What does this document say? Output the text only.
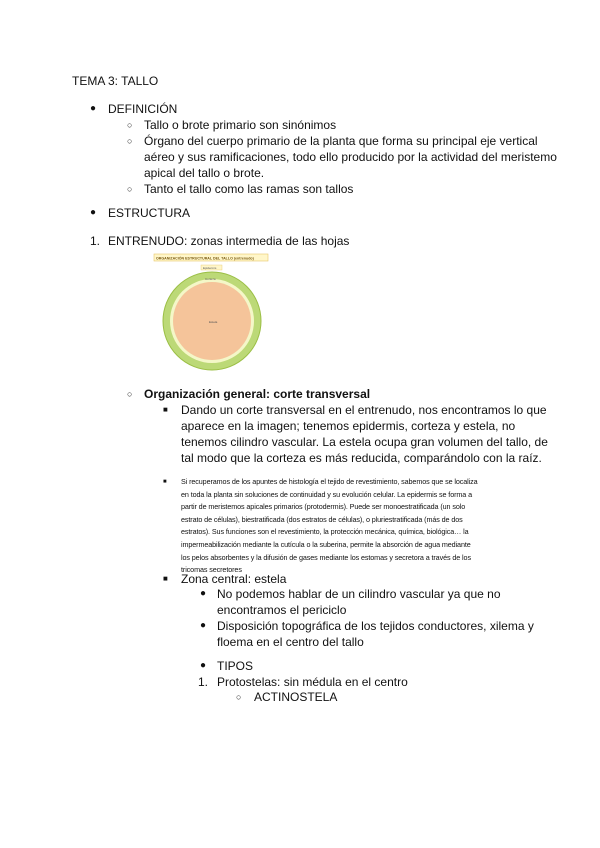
TEMA 3: TALLO
● DEFINICIÓN
○ Tallo o brote primario son sinónimos
○ Órgano del cuerpo primario de la planta que forma su principal eje vertical
aéreo y sus ramificaciones, todo ello producido por la actividad del meristemo
apical del tallo o brote.
○ Tanto el tallo como las ramas son tallos
● ESTRUCTURA
1. ENTRENUDO: zonas intermedia de las hojas
ORGANIZACIÓN ESTRUCTURAL DEL TALLO (entrenudo)
Epidermis
Corteza
Estela
○ Organización general: corte transversal
■ Dando un corte transversal en el entrenudo, nos encontramos lo que
aparece en la imagen; tenemos epidermis, corteza y estela, no
tenemos cilindro vascular. La estela ocupa gran volumen del tallo, de
tal modo que la corteza es más reducida, comparándolo con la raíz.
■ Si recuperamos de los apuntes de histología el tejido de revestimiento, sabemos que se localiza
en toda la planta sin soluciones de continuidad y su evolución celular. La epidermis se forma a
partir de meristemos apicales primarios (protodermis). Puede ser monoestratificada (un solo
estrato de células), biestratificada (dos estratos de células), o pluriestratificada (más de dos
estratos). Sus funciones son el revestimiento, la protección mecánica, química, biológica… la
impermeabilización mediante la cutícula o la suberina, permite la absorción de agua mediante
los pelos absorbentes y la difusión de gases mediante los estomas y secretora a través de los
tricomas secretores
■ Zona central: estela
● No podemos hablar de un cilindro vascular ya que no
encontramos el periciclo
● Disposición topográfica de los tejidos conductores, xilema y
floema en el centro del tallo
● TIPOS
1. Protostelas: sin médula en el centro
○ ACTINOSTELA
